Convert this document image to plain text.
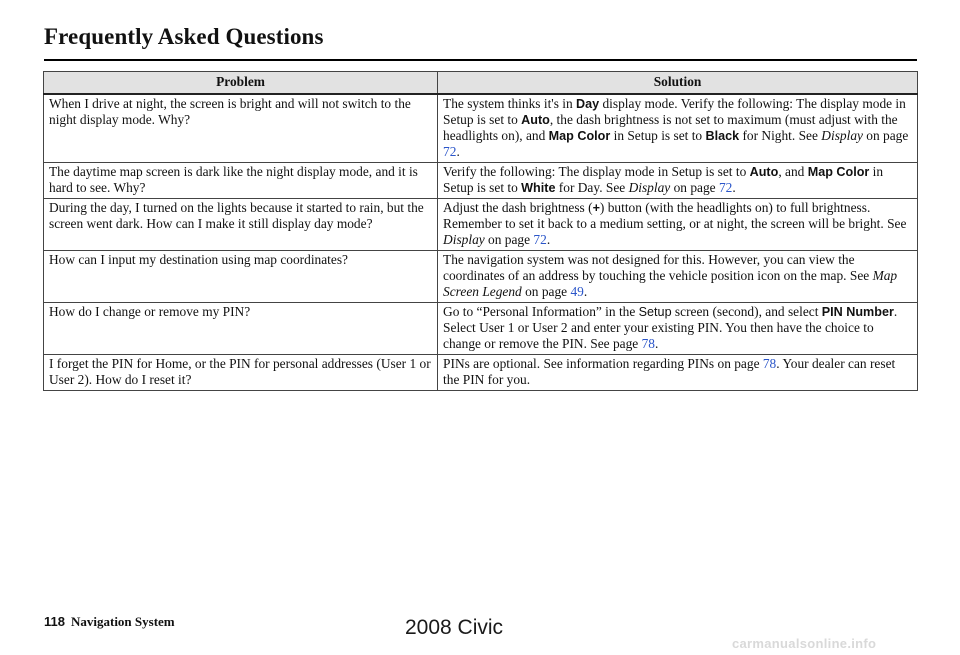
Frequently Asked Questions
Problem	Solution
When I drive at night, the screen is bright and will not switch to the night display mode. Why?	The system thinks it's in Day display mode. Verify the following: The display mode in Setup is set to Auto, the dash brightness is not set to maximum (must adjust with the headlights on), and Map Color in Setup is set to Black for Night. See Display on page 72.
The daytime map screen is dark like the night display mode, and it is hard to see. Why?	Verify the following: The display mode in Setup is set to Auto, and Map Color in Setup is set to White for Day. See Display on page 72.
During the day, I turned on the lights because it started to rain, but the screen went dark. How can I make it still display day mode?	Adjust the dash brightness (+) button (with the headlights on) to full brightness. Remember to set it back to a medium setting, or at night, the screen will be bright. See Display on page 72.
How can I input my destination using map coordinates?	The navigation system was not designed for this. However, you can view the coordinates of an address by touching the vehicle position icon on the map. See Map Screen Legend on page 49.
How do I change or remove my PIN?	Go to “Personal Information” in the Setup screen (second), and select PIN Number. Select User 1 or User 2 and enter your existing PIN. You then have the choice to change or remove the PIN. See page 78.
I forget the PIN for Home, or the PIN for personal addresses (User 1 or User 2). How do I reset it?	PINs are optional. See information regarding PINs on page 78. Your dealer can reset the PIN for you.
118 Navigation System	2008 Civic
carmanualsonline.info
